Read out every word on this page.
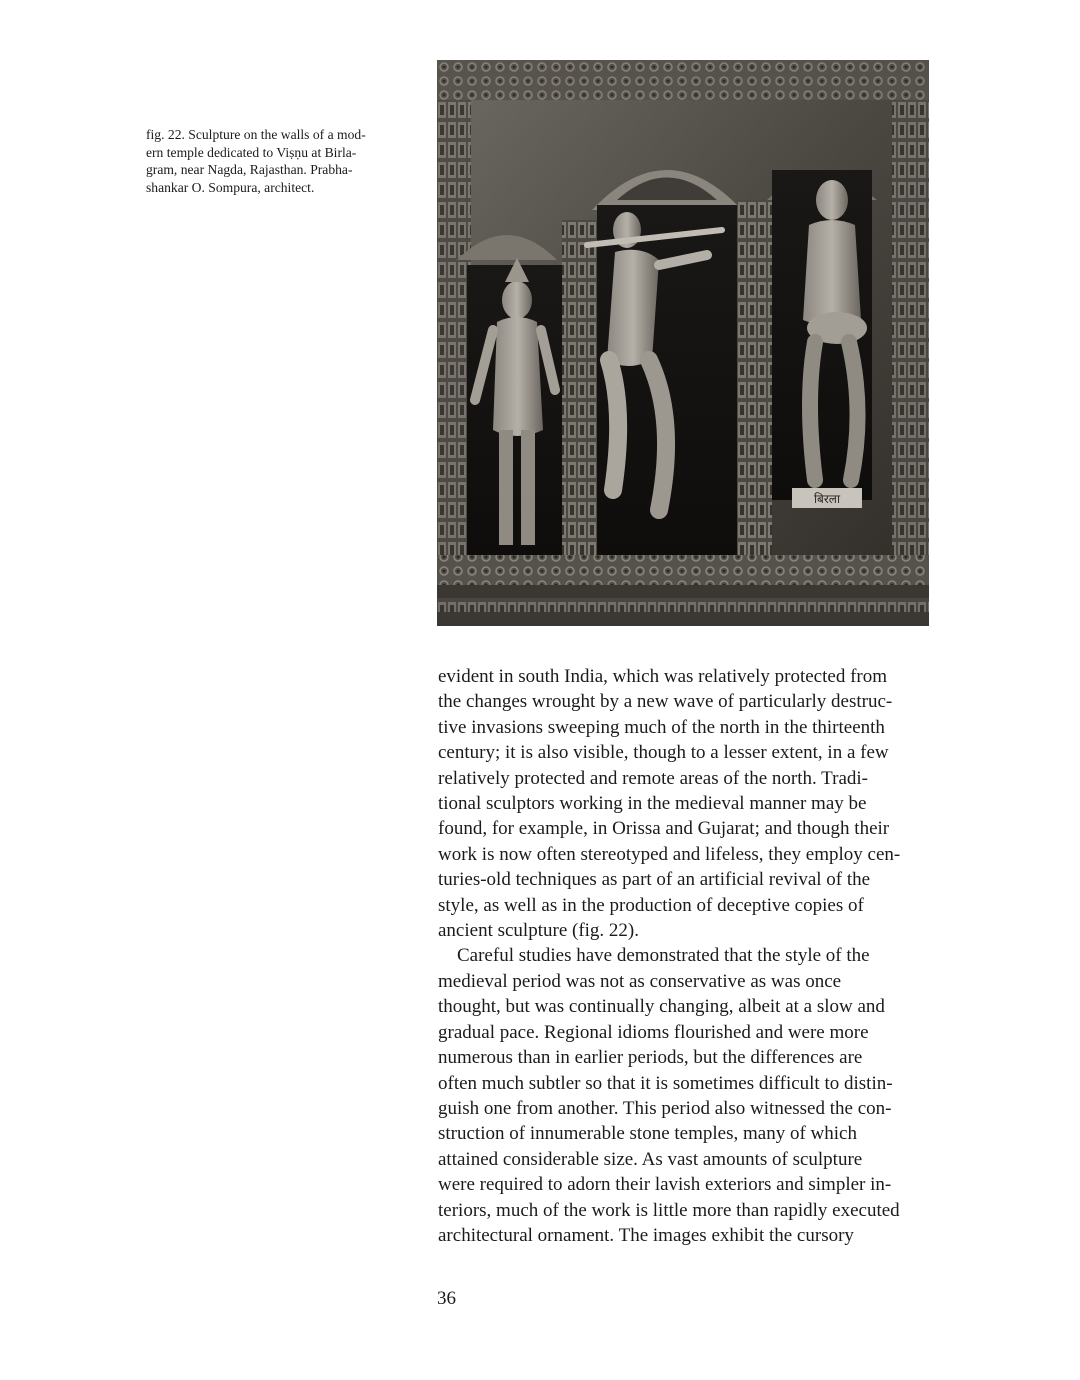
fig. 22. Sculpture on the walls of a mod-
ern temple dedicated to Viṣṇu at Birla-
gram, near Nagda, Rajasthan. Prabha-
shankar O. Sompura, architect.

बिरला

evident in south India, which was relatively protected from
the changes wrought by a new wave of particularly destruc-
tive invasions sweeping much of the north in the thirteenth
century; it is also visible, though to a lesser extent, in a few
relatively protected and remote areas of the north. Tradi-
tional sculptors working in the medieval manner may be
found, for example, in Orissa and Gujarat; and though their
work is now often stereotyped and lifeless, they employ cen-
turies-old techniques as part of an artificial revival of the
style, as well as in the production of deceptive copies of
ancient sculpture (fig. 22).
Careful studies have demonstrated that the style of the
medieval period was not as conservative as was once
thought, but was continually changing, albeit at a slow and
gradual pace. Regional idioms flourished and were more
numerous than in earlier periods, but the differences are
often much subtler so that it is sometimes difficult to distin-
guish one from another. This period also witnessed the con-
struction of innumerable stone temples, many of which
attained considerable size. As vast amounts of sculpture
were required to adorn their lavish exteriors and simpler in-
teriors, much of the work is little more than rapidly executed
architectural ornament. The images exhibit the cursory

36
